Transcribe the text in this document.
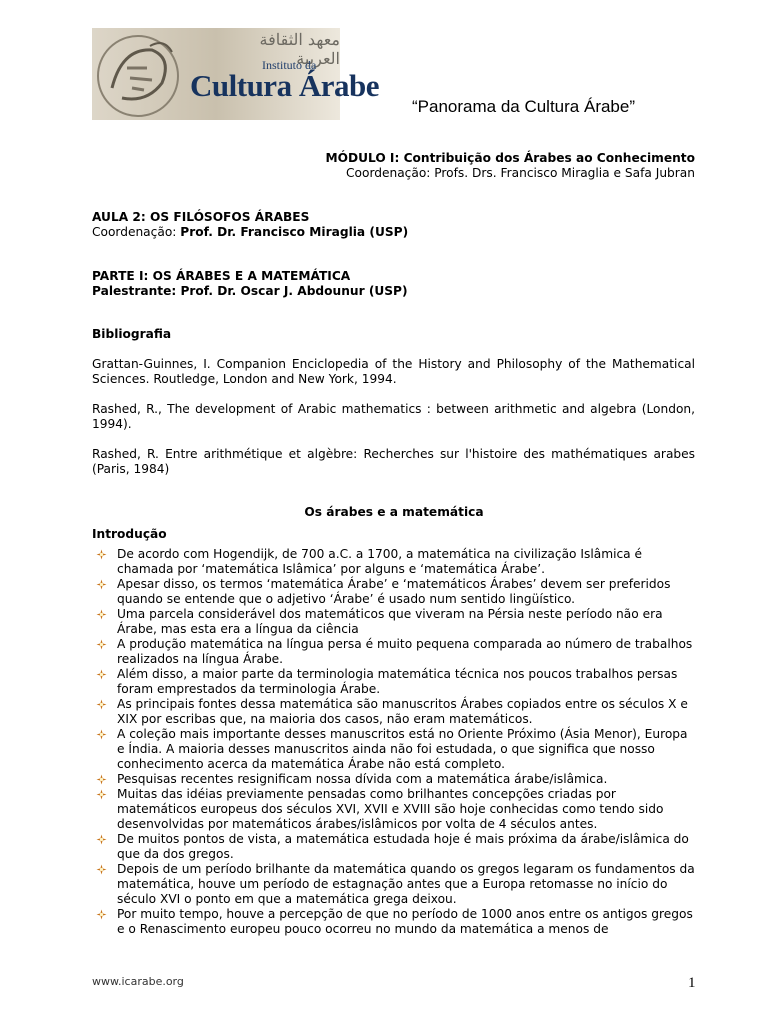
معهد الثقافة العربية
Instituto da
Cultura Árabe
“Panorama da Cultura Árabe”
MÓDULO I: Contribuição dos Árabes ao Conhecimento
Coordenação: Profs. Drs. Francisco Miraglia e Safa Jubran
AULA 2: OS FILÓSOFOS ÁRABES
Coordenação: Prof. Dr. Francisco Miraglia (USP)
PARTE I: OS ÁRABES E A MATEMÁTICA
Palestrante: Prof. Dr. Oscar J. Abdounur (USP)
Bibliografia
Grattan-Guinnes, I. Companion Enciclopedia of the History and Philosophy of the Mathematical Sciences. Routledge, London and New York, 1994.
Rashed, R., The development of Arabic mathematics : between arithmetic and algebra (London, 1994).
Rashed, R. Entre arithmétique et algèbre: Recherches sur l'histoire des mathématiques arabes (Paris, 1984)
Os árabes e a matemática
Introdução
De acordo com Hogendijk, de 700 a.C. a 1700, a matemática na civilização Islâmica é chamada por ‘matemática Islâmica’ por alguns e ‘matemática Árabe’.
Apesar disso, os termos ‘matemática Árabe’ e ‘matemáticos Árabes’ devem ser preferidos quando se entende que o adjetivo ‘Árabe’ é usado num sentido lingüístico.
Uma parcela considerável dos matemáticos que viveram na Pérsia neste período não era Árabe, mas esta era a língua da ciência
A produção matemática na língua persa é muito pequena comparada ao número de trabalhos realizados na língua Árabe.
Além disso, a maior parte da terminologia matemática técnica nos poucos trabalhos persas foram emprestados da terminologia Árabe.
As principais fontes dessa matemática são manuscritos Árabes copiados entre os séculos X e XIX por escribas que, na maioria dos casos, não eram matemáticos.
A coleção mais importante desses manuscritos está no Oriente Próximo (Ásia Menor), Europa e Índia. A maioria desses manuscritos ainda não foi estudada, o que significa que nosso conhecimento acerca da matemática Árabe não está completo.
Pesquisas recentes resignificam nossa dívida com a matemática árabe/islâmica.
Muitas das idéias previamente pensadas como brilhantes concepções criadas por matemáticos europeus dos séculos XVI, XVII e XVIII são hoje conhecidas como tendo sido desenvolvidas por matemáticos árabes/islâmicos por volta de 4 séculos antes.
De muitos pontos de vista, a matemática estudada hoje é mais próxima da árabe/islâmica do que da dos gregos.
Depois de um período brilhante da matemática quando os gregos legaram os fundamentos da matemática, houve um período de estagnação antes que a Europa retomasse no início do século XVI o ponto em que a matemática grega deixou.
Por muito tempo, houve a percepção de que no período de 1000 anos entre os antigos gregos e o Renascimento europeu pouco ocorreu no mundo da matemática a menos de
www.icarabe.org	1
